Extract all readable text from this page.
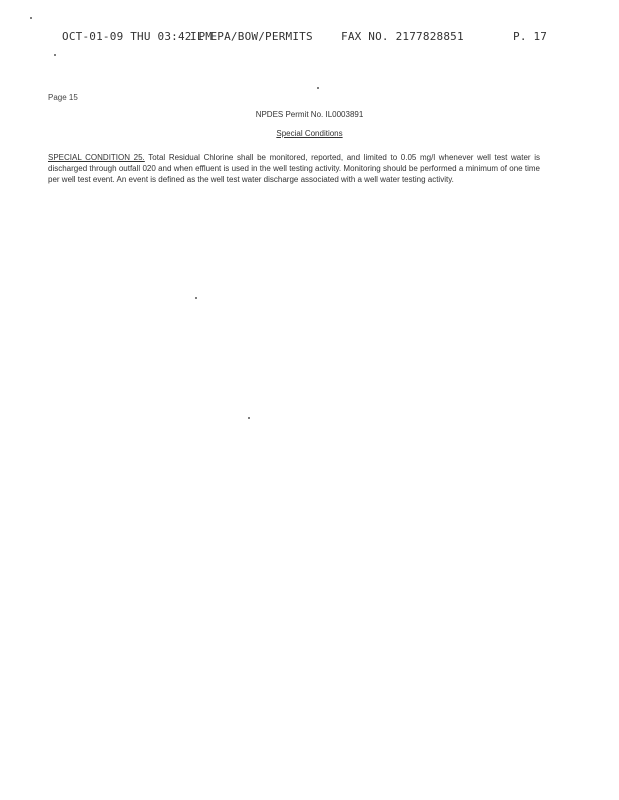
OCT-01-09 THU 03:42 PM
IL EPA/BOW/PERMITS	FAX NO. 2177828851	P. 17
Page 15
NPDES Permit No. IL0003891
Special Conditions
SPECIAL CONDITION 25. Total Residual Chlorine shall be monitored, reported, and limited to 0.05 mg/l whenever well test water is discharged through outfall 020 and when effluent is used in the well testing activity. Monitoring should be performed a minimum of one time per well test event. An event is defined as the well test water discharge associated with a well water testing activity.
